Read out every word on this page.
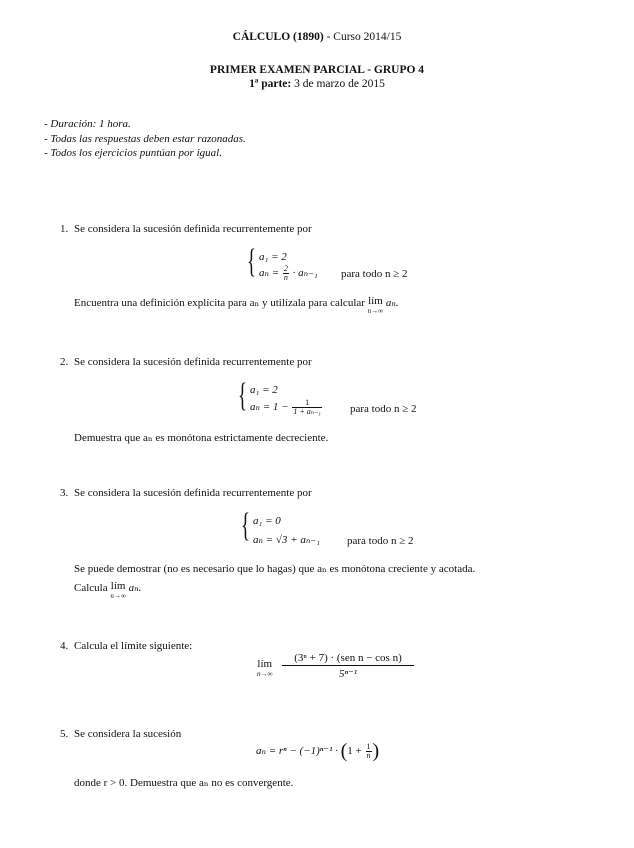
CÁLCULO (1890) - Curso 2014/15
PRIMER EXAMEN PARCIAL - GRUPO 4
1ª parte: 3 de marzo de 2015
- Duración: 1 hora.
- Todas las respuestas deben estar razonadas.
- Todos los ejercicios puntúan por igual.
1. Se considera la sucesión definida recurrentemente por
{ a₁ = 2
$a_n = \frac{2}{n} \cdot a_{n-1}$ para todo n ≥ 2
Encuentra una definición explícita para aₙ y utilízala para calcular lím
n→∞
aₙ.
2. Se considera la sucesión definida recurrentemente por
{ a₁ = 2
$a_n = 1 - \frac{1}{\text{1 + aₙ₋₁}}$	para todo n ≥ 2
Demuestra que aₙ es monótona estrictamente decreciente.
3. Se considera la sucesión definida recurrentemente por
{ a₁ = 0
aₙ = √3 + aₙ₋₁ para todo n ≥ 2
Se puede demostrar (no es necesario que lo hagas) que aₙ es monótona creciente y acotada.
Calcula lím
n→∞
aₙ.
4. Calcula el límite siguiente:
lím
n→∞
(3ⁿ + 7) · (sen n − cos n)
5ⁿ⁻¹
5. Se considera la sucesión
$a_n = r^n - (-1)^{n-1} \cdot (1 + \frac{1}{n}$ )
donde r > 0. Demuestra que aₙ no es convergente.
